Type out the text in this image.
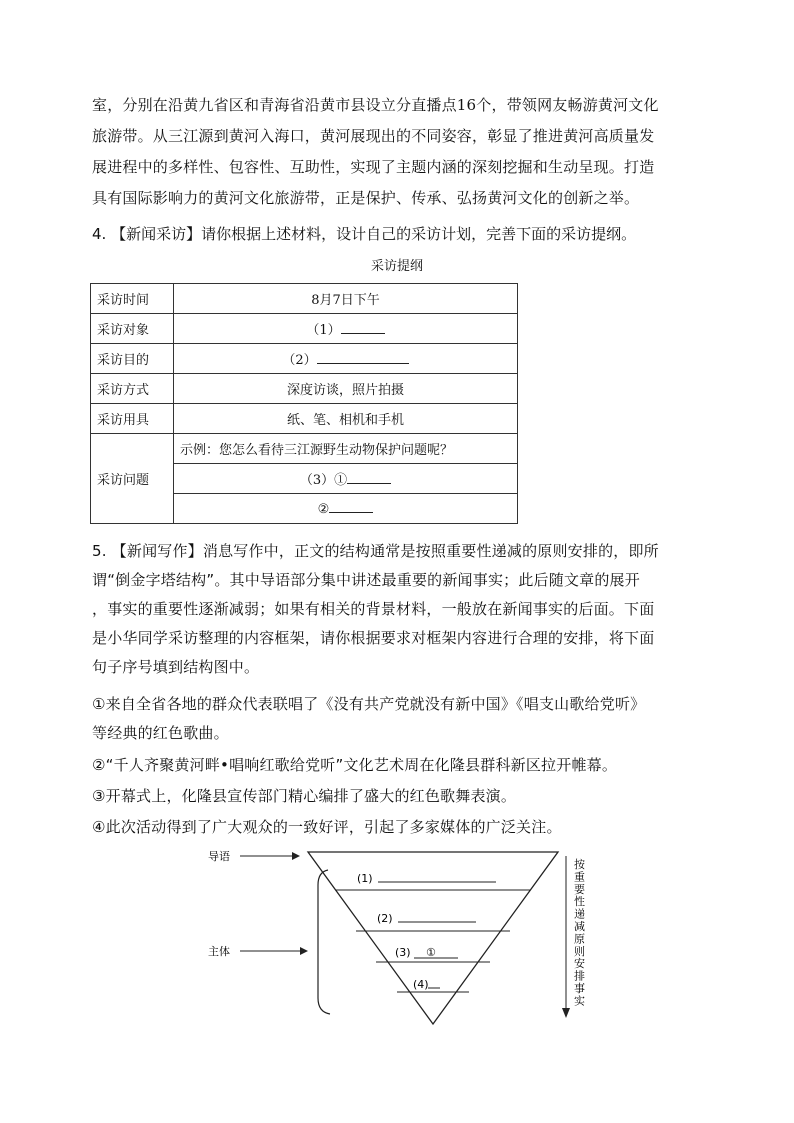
室，分别在沿黄九省区和青海省沿黄市县设立分直播点16个，带领网友畅游黄河文化
旅游带。从三江源到黄河入海口，黄河展现出的不同姿容，彰显了推进黄河高质量发
展进程中的多样性、包容性、互助性，实现了主题内涵的深刻挖掘和生动呈现。打造
具有国际影响力的黄河文化旅游带，正是保护、传承、弘扬黄河文化的创新之举。
4. 【新闻采访】请你根据上述材料，设计自己的采访计划，完善下面的采访提纲。
采访提纲
采访时间	8月7日下午
采访对象	（1）
采访目的	（2）
采访方式	深度访谈，照片拍摄
采访用具	纸、笔、相机和手机
采访问题	示例：您怎么看待三江源野生动物保护问题呢？
	（3）①
	②
5. 【新闻写作】消息写作中，正文的结构通常是按照重要性递减的原则安排的，即所
谓“倒金字塔结构”。其中导语部分集中讲述最重要的新闻事实；此后随文章的展开
，事实的重要性逐渐减弱；如果有相关的背景材料，一般放在新闻事实的后面。下面
是小华同学采访整理的内容框架，请你根据要求对框架内容进行合理的安排，将下面
句子序号填到结构图中。
①来自全省各地的群众代表联唱了《没有共产党就没有新中国》《唱支山歌给党听》
等经典的红色歌曲。
②“千人齐聚黄河畔•唱响红歌给党听”文化艺术周在化隆县群科新区拉开帷幕。
③开幕式上，化隆县宣传部门精心编排了盛大的红色歌舞表演。
④此次活动得到了广大观众的一致好评，引起了多家媒体的广泛关注。
导语
主体
(1)
(2)
(3) ①
(4)
按
重
要
性
递
减
原
则
安
排
事
实
